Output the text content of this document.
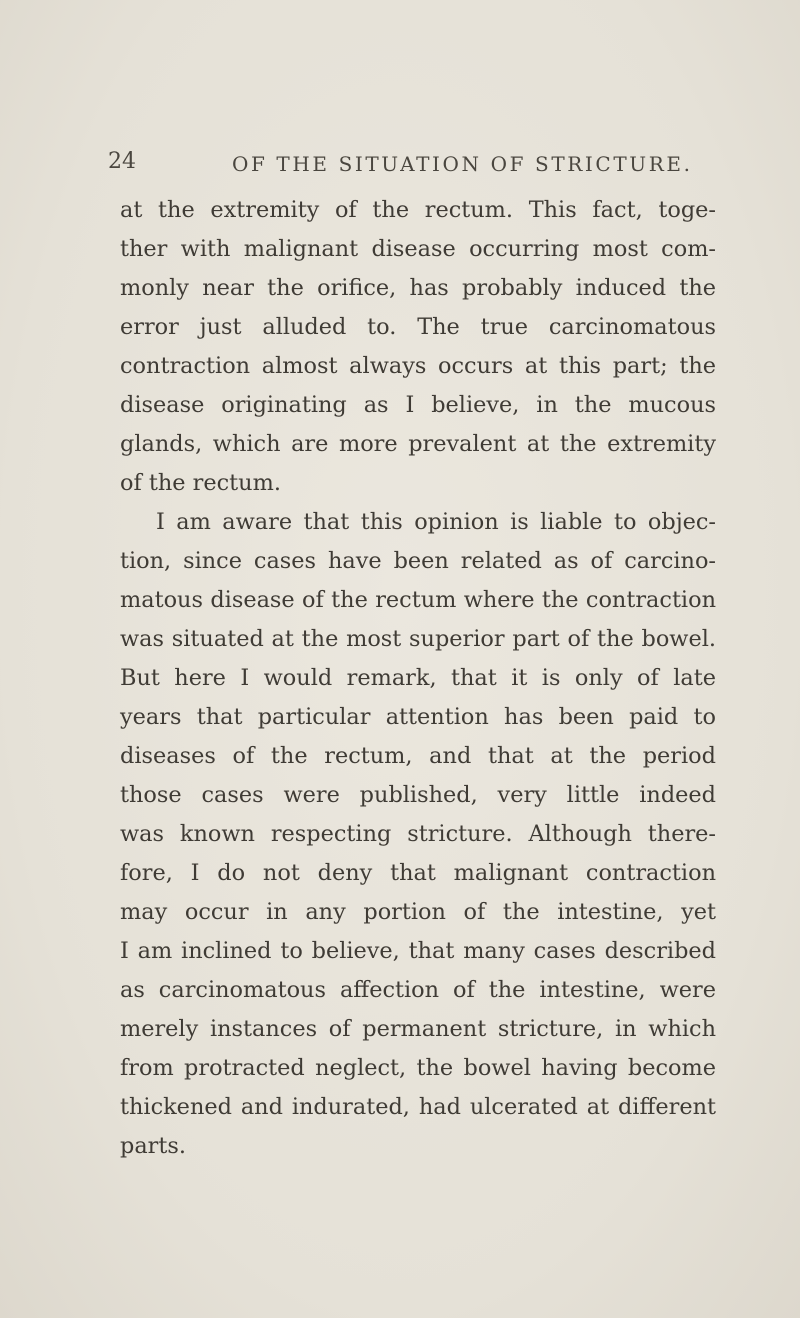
24	OF THE SITUATION OF STRICTURE.
at the extremity of the rectum. This fact, toge-
ther with malignant disease occurring most com-
monly near the orifice, has probably induced the
error just alluded to. The true carcinomatous
contraction almost always occurs at this part; the
disease originating as I believe, in the mucous
glands, which are more prevalent at the extremity
of the rectum.
I am aware that this opinion is liable to objec-
tion, since cases have been related as of carcino-
matous disease of the rectum where the contraction
was situated at the most superior part of the bowel.
But here I would remark, that it is only of late
years that particular attention has been paid to
diseases of the rectum, and that at the period
those cases were published, very little indeed
was known respecting stricture. Although there-
fore, I do not deny that malignant contraction
may occur in any portion of the intestine, yet
I am inclined to believe, that many cases described
as carcinomatous affection of the intestine, were
merely instances of permanent stricture, in which
from protracted neglect, the bowel having become
thickened and indurated, had ulcerated at different
parts.
